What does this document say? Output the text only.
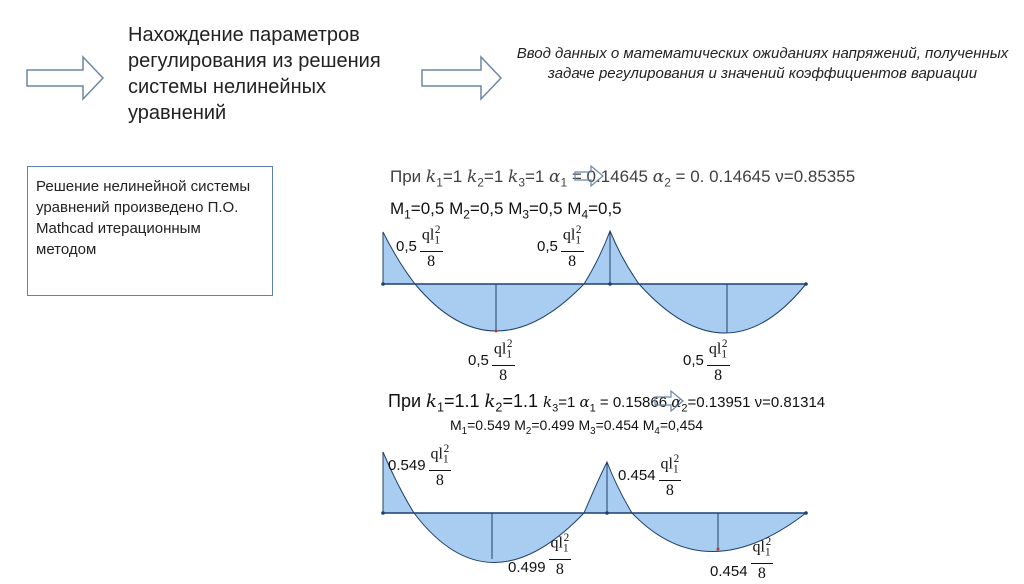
Нахождение параметров регулирования из решения системы нелинейных уравнений
Ввод данных о математических ожиданиях напряжений, полученных задаче регулирования и значений коэффициентов вариации
Решение нелинейной системы уравнений произведено П.О. Mathcad итерационным методом
При $k_1=1$ $k_2=1$ $k_3=1$ $\alpha_1 = 0.14645$ $\alpha_2 = 0$. 0.14645 ν=0.85355
$M_1=0,5$ $M_2=0,5$ $M_3=0,5$ $M_4=0,5$
$0,5 \frac{ql_1^2}{8}$	$0,5 \frac{ql_1^2}{8}$
$0,5 \frac{ql_1^2}{8}$	$0,5 \frac{ql_1^2}{8}$
При $k_1=1.1$ $k_2=1.1$ $k_3=1$ $\alpha_1 = 0.15866$ $\alpha_2=0.13951$ ν=0.81314
$M_1=0.549$ $M_2=0.499$ $M_3=0.454$ $M_4=0,454$
$0.549 \frac{ql_1^2}{8}$	$0.454 \frac{ql_1^2}{8}$
$0.499 \frac{ql_1^2}{8}$	$0.454 \frac{ql_1^2}{8}$
